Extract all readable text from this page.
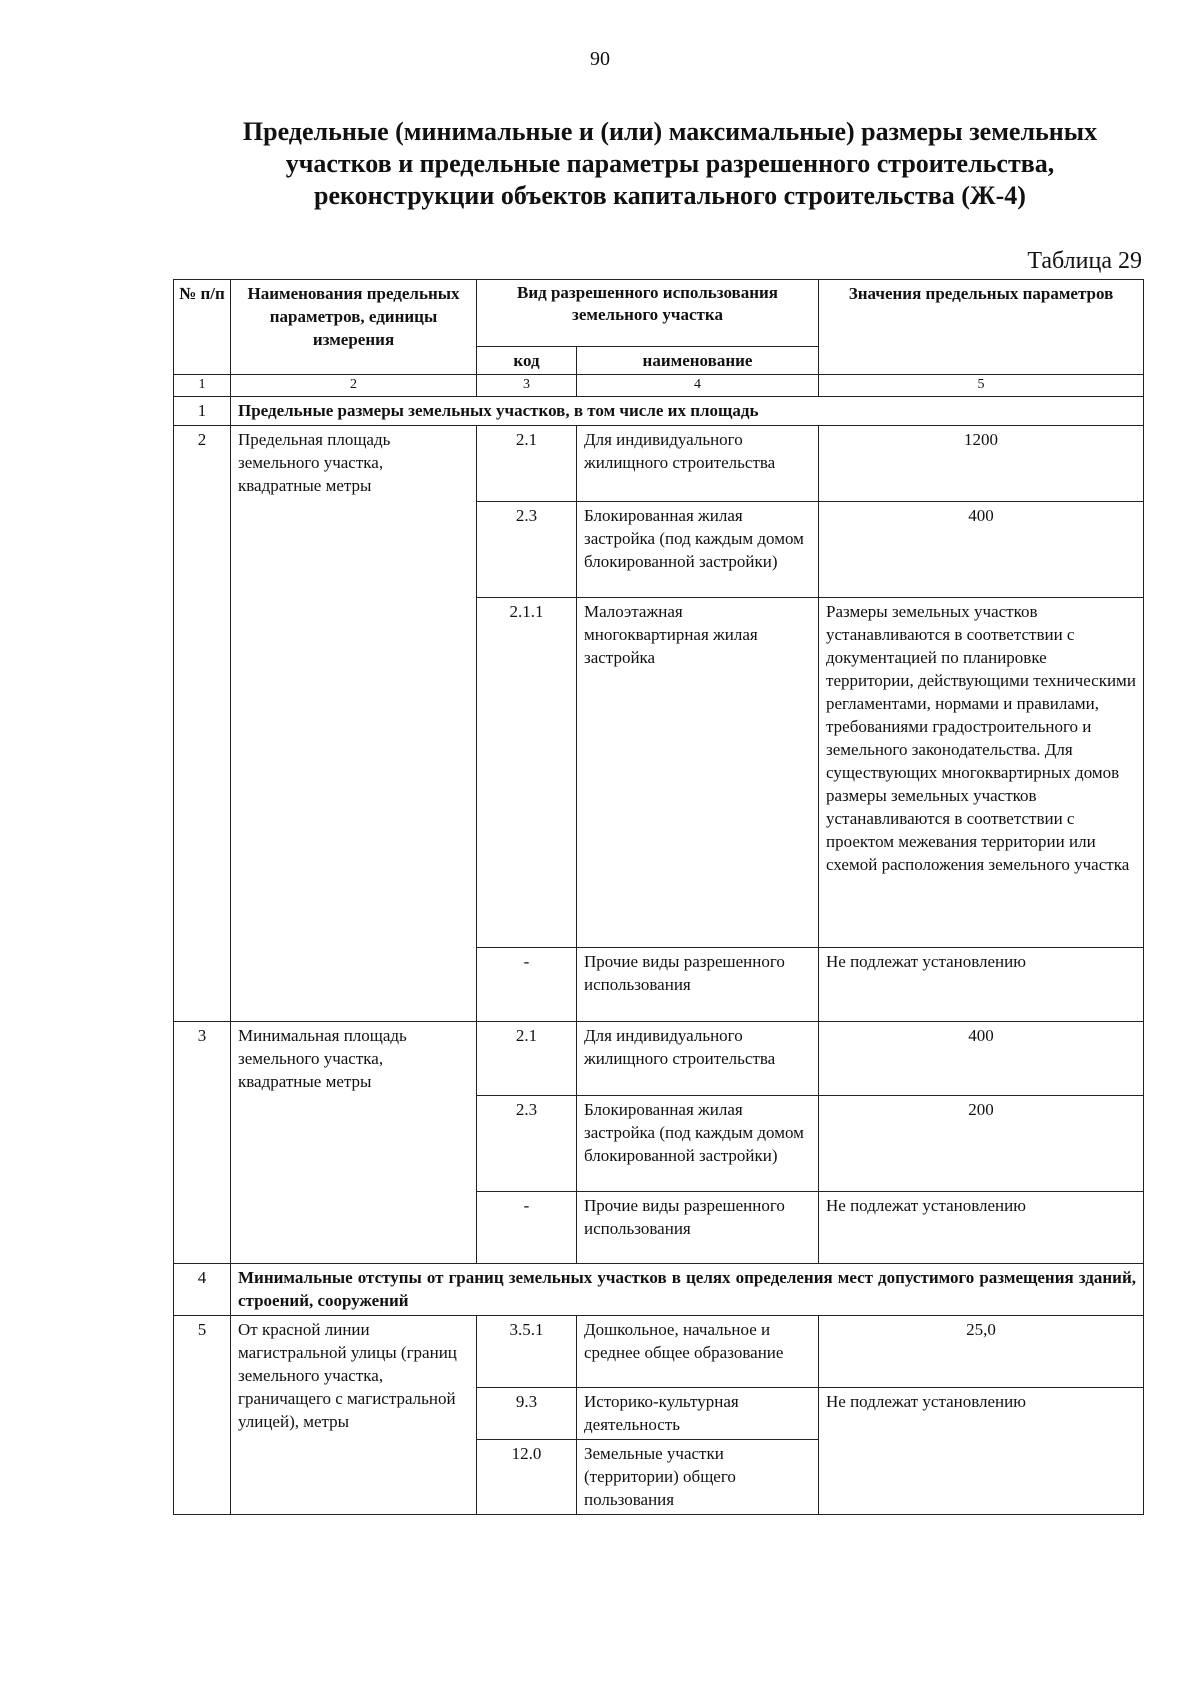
90
Предельные (минимальные и (или) максимальные) размеры земельных
участков и предельные параметры разрешенного строительства,
реконструкции объектов капитального строительства (Ж-4)
Таблица 29
№ п/п	Наименования предельных параметров, единицы измерения	Вид разрешенного использования земельного участка		Значения предельных параметров
		код	наименование	
1	2	3	4	5
1	Предельные размеры земельных участков, в том числе их площадь			
2	Предельная площадь земельного участка, квадратные метры	2.1	Для индивидуального жилищного строительства	1200
		2.3	Блокированная жилая застройка (под каждым домом блокированной застройки)	400
		2.1.1	Малоэтажная многоквартирная жилая застройка	Размеры земельных участков устанавливаются в соответствии с документацией по планировке территории, действующими техническими регламентами, нормами и правилами, требованиями градостроительного и земельного законодательства. Для существующих многоквартирных домов размеры земельных участков устанавливаются в соответствии с проектом межевания территории или схемой расположения земельного участка
		-	Прочие виды разрешенного использования	Не подлежат установлению
3	Минимальная площадь земельного участка, квадратные метры	2.1	Для индивидуального жилищного строительства	400
		2.3	Блокированная жилая застройка (под каждым домом блокированной застройки)	200
		-	Прочие виды разрешенного использования	Не подлежат установлению
4	Минимальные отступы от границ земельных участков в целях определения мест допустимого размещения зданий, строений, сооружений			
5	От красной линии магистральной улицы (границ земельного участка, граничащего с магистральной улицей), метры	3.5.1	Дошкольное, начальное и среднее общее образование	25,0
		9.3	Историко-культурная деятельность	Не подлежат установлению
		12.0	Земельные участки (территории) общего пользования	
